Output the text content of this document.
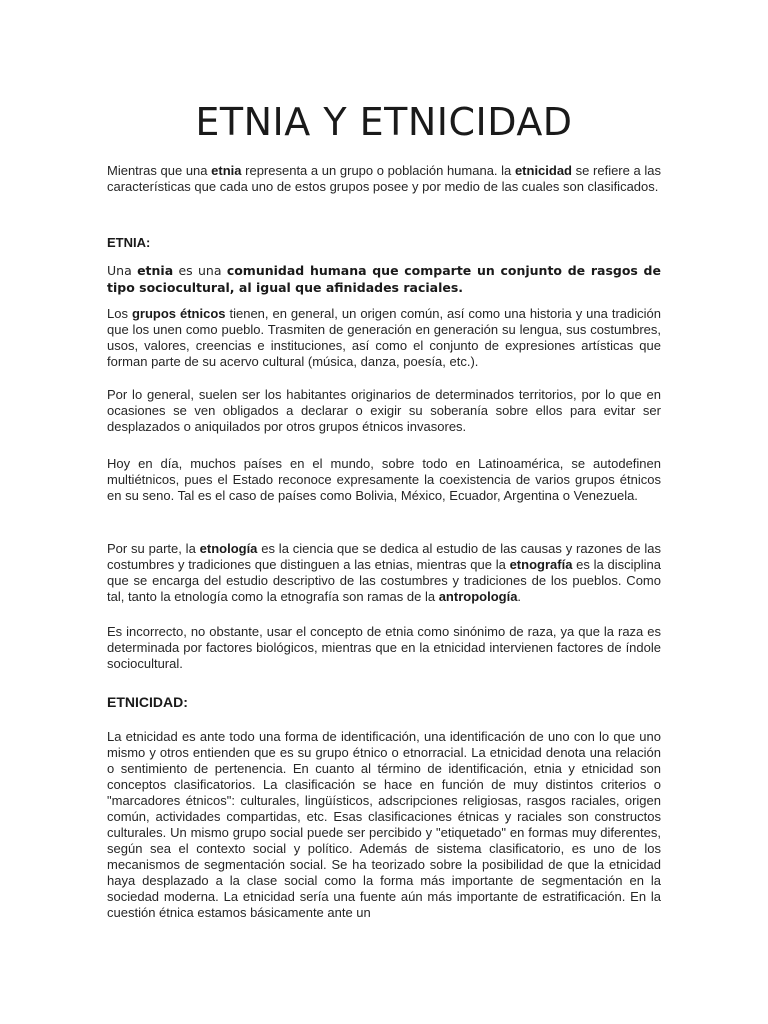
ETNIA Y ETNICIDAD

Mientras que una etnia representa a un grupo o población humana. la etnicidad se refiere a las características que cada uno de estos grupos posee y por medio de las cuales son clasificados.

ETNIA:

Una etnia es una comunidad humana que comparte un conjunto de rasgos de tipo sociocultural, al igual que afinidades raciales.

Los grupos étnicos tienen, en general, un origen común, así como una historia y una tradición que los unen como pueblo. Trasmiten de generación en generación su lengua, sus costumbres, usos, valores, creencias e instituciones, así como el conjunto de expresiones artísticas que forman parte de su acervo cultural (música, danza, poesía, etc.).

Por lo general, suelen ser los habitantes originarios de determinados territorios, por lo que en ocasiones se ven obligados a declarar o exigir su soberanía sobre ellos para evitar ser desplazados o aniquilados por otros grupos étnicos invasores.

Hoy en día, muchos países en el mundo, sobre todo en Latinoamérica, se autodefinen multiétnicos, pues el Estado reconoce expresamente la coexistencia de varios grupos étnicos en su seno. Tal es el caso de países como Bolivia, México, Ecuador, Argentina o Venezuela.

Por su parte, la etnología es la ciencia que se dedica al estudio de las causas y razones de las costumbres y tradiciones que distinguen a las etnias, mientras que la etnografía es la disciplina que se encarga del estudio descriptivo de las costumbres y tradiciones de los pueblos. Como tal, tanto la etnología como la etnografía son ramas de la antropología.

Es incorrecto, no obstante, usar el concepto de etnia como sinónimo de raza, ya que la raza es determinada por factores biológicos, mientras que en la etnicidad intervienen factores de índole sociocultural.

ETNICIDAD:

La etnicidad es ante todo una forma de identificación, una identificación de uno con lo que uno mismo y otros entienden que es su grupo étnico o etnorracial. La etnicidad denota una relación o sentimiento de pertenencia. En cuanto al término de identificación, etnia y etnicidad son conceptos clasificatorios. La clasificación se hace en función de muy distintos criterios o "marcadores étnicos": culturales, lingüísticos, adscripciones religiosas, rasgos raciales, origen común, actividades compartidas, etc. Esas clasificaciones étnicas y raciales son constructos culturales. Un mismo grupo social puede ser percibido y "etiquetado" en formas muy diferentes, según sea el contexto social y político. Además de sistema clasificatorio, es uno de los mecanismos de segmentación social. Se ha teorizado sobre la posibilidad de que la etnicidad haya desplazado a la clase social como la forma más importante de segmentación en la sociedad moderna. La etnicidad sería una fuente aún más importante de estratificación. En la cuestión étnica estamos básicamente ante un
